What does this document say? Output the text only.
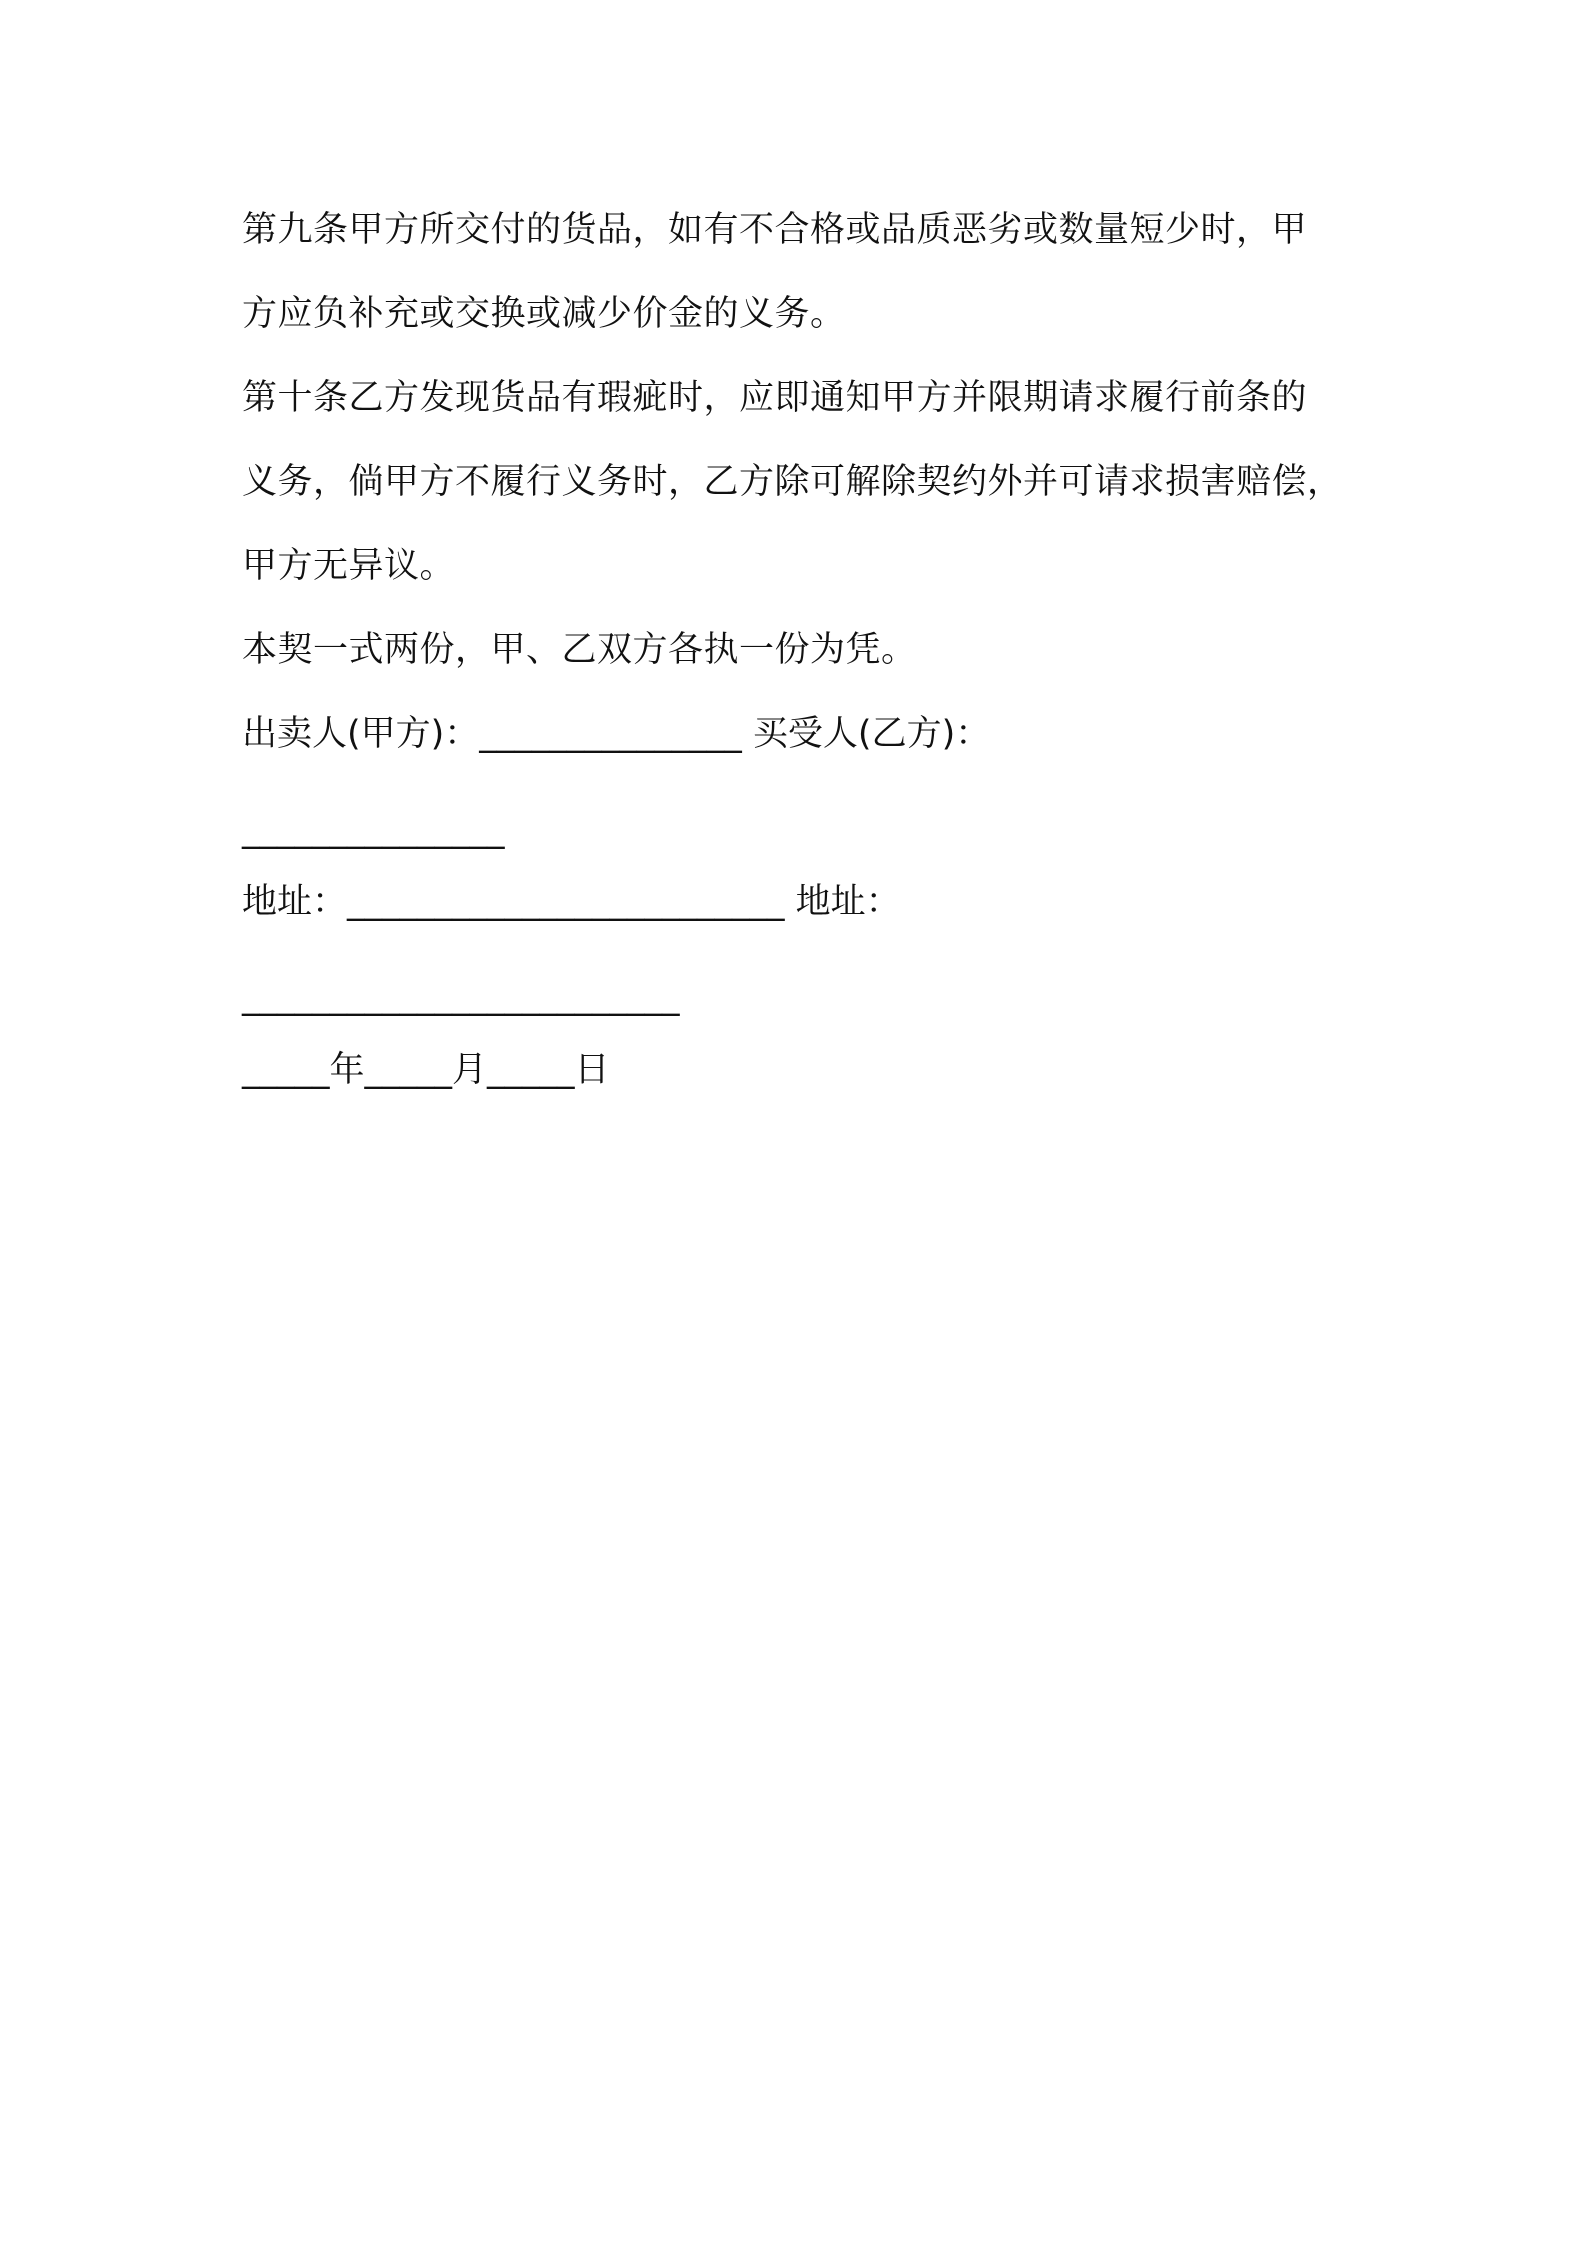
第九条甲方所交付的货品，如有不合格或品质恶劣或数量短少时，甲
方应负补充或交换或减少价金的义务。
第十条乙方发现货品有瑕疵时，应即通知甲方并限期请求履行前条的
义务，倘甲方不履行义务时，乙方除可解除契约外并可请求损害赔偿，
甲方无异议。
本契一式两份，甲、乙双方各执一份为凭。
出卖人(甲方)：_______________ 买受人(乙方)：
_______________
地址：_________________________ 地址：
_________________________
_____年_____月_____日
